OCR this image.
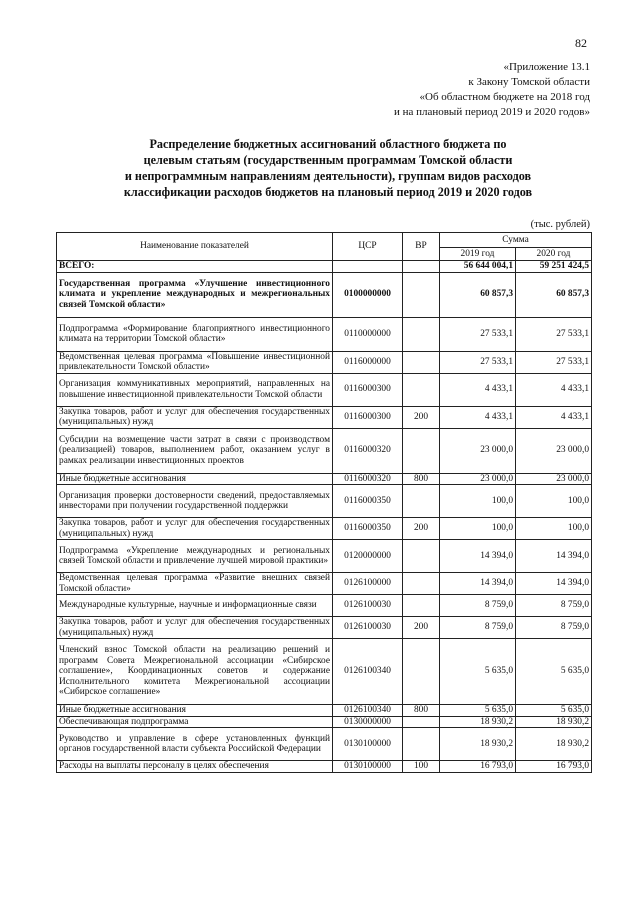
82
«Приложение 13.1
к Закону Томской области
«Об областном бюджете на 2018 год
и на плановый период 2019 и 2020 годов»
Распределение бюджетных ассигнований областного бюджета по
целевым статьям (государственным программам Томской области
и непрограммным направлениям деятельности), группам видов расходов
классификации расходов бюджетов на плановый период 2019 и 2020 годов
(тыс. рублей)
Наименование показателей	ЦСР	ВР	Сумма	
			2019 год	2020 год
ВСЕГО:			56 644 004,1	59 251 424,5
Государственная программа «Улучшение инвестиционного климата и укрепление международных и межрегиональных связей Томской области»	0100000000		60 857,3	60 857,3
Подпрограмма «Формирование благоприятного инвестиционного климата на территории Томской области»	0110000000		27 533,1	27 533,1
Ведомственная целевая программа «Повышение инвестиционной привлекательности Томской области»	0116000000		27 533,1	27 533,1
Организация коммуникативных мероприятий, направленных на повышение инвестиционной привлекательности Томской области	0116000300		4 433,1	4 433,1
Закупка товаров, работ и услуг для обеспечения государственных (муниципальных) нужд	0116000300	200	4 433,1	4 433,1
Субсидии на возмещение части затрат в связи с производством (реализацией) товаров, выполнением работ, оказанием услуг в рамках реализации инвестиционных проектов	0116000320		23 000,0	23 000,0
Иные бюджетные ассигнования	0116000320	800	23 000,0	23 000,0
Организация проверки достоверности сведений, предоставляемых инвесторами при получении государственной поддержки	0116000350		100,0	100,0
Закупка товаров, работ и услуг для обеспечения государственных (муниципальных) нужд	0116000350	200	100,0	100,0
Подпрограмма «Укрепление международных и региональных связей Томской области и привлечение лучшей мировой практики»	0120000000		14 394,0	14 394,0
Ведомственная целевая программа «Развитие внешних связей Томской области»	0126100000		14 394,0	14 394,0
Международные культурные, научные и информационные связи	0126100030		8 759,0	8 759,0
Закупка товаров, работ и услуг для обеспечения государственных (муниципальных) нужд	0126100030	200	8 759,0	8 759,0
Членский взнос Томской области на реализацию решений и программ Совета Межрегиональной ассоциации «Сибирское соглашение», Координационных советов и содержание Исполнительного комитета Межрегиональной ассоциации «Сибирское соглашение»	0126100340		5 635,0	5 635,0
Иные бюджетные ассигнования	0126100340	800	5 635,0	5 635,0
Обеспечивающая подпрограмма	0130000000		18 930,2	18 930,2
Руководство и управление в сфере установленных функций органов государственной власти субъекта Российской Федерации	0130100000		18 930,2	18 930,2
Расходы на выплаты персоналу в целях обеспечения	0130100000	100	16 793,0	16 793,0
